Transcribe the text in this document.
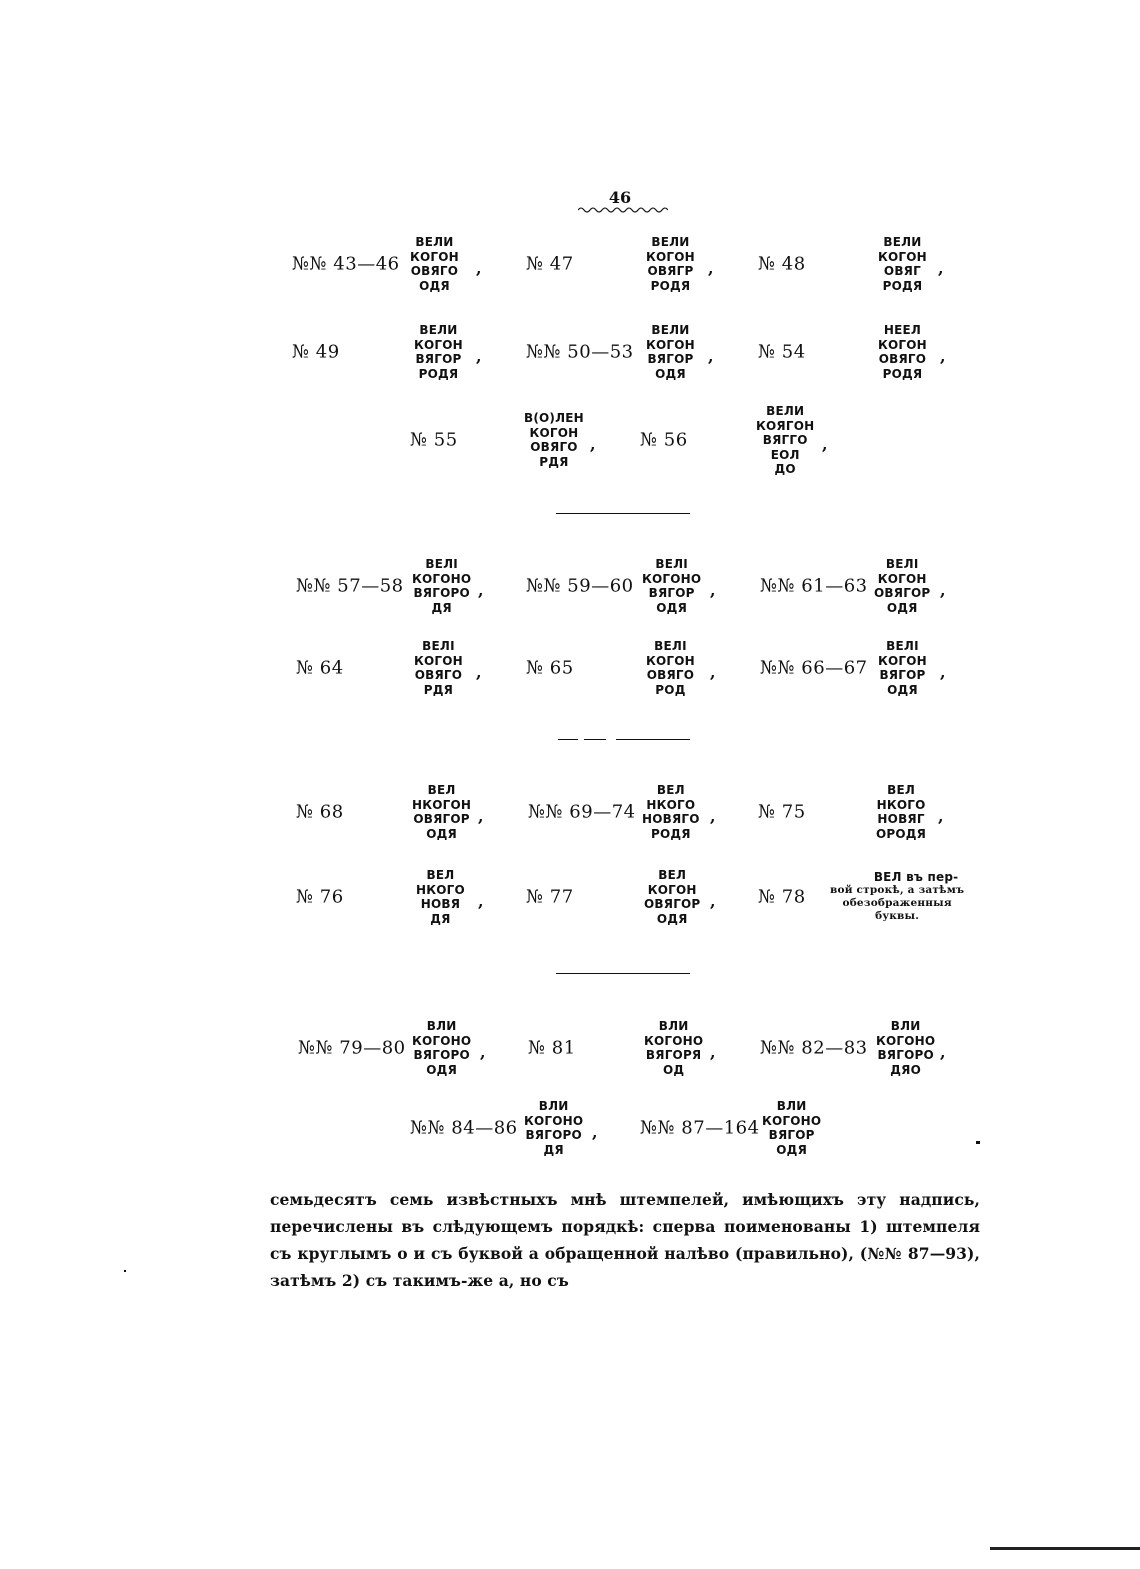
46
№№ 43—46
ВЕЛИ
КОГОН
ОВЯГО
ОДЯ
, № 47
ВЕЛИ
КОГОН
ОВЯГР
РОДЯ
, № 48
ВЕЛИ
КОГОН
ОВЯГ
РОДЯ
,
№ 49
ВЕЛИ
КОГОН
ВЯГОР
РОДЯ
, №№ 50—53
ВЕЛИ
КОГОН
ВЯГОР
ОДЯ
, № 54
НЕЕЛ
КОГОН
ОВЯГО
РОДЯ
,
№ 55
В(О)ЛЕН
КОГОН
ОВЯГО
РДЯ
, № 56
ВЕЛИ
КОЯГОН
ВЯГГО
ЕОЛ
ДО
,
№№ 57—58
ВЕЛI
КОГОНО
ВЯГОРО
ДЯ
, №№ 59—60
ВЕЛI
КОГОНО
ВЯГОР
ОДЯ
, №№ 61—63
ВЕЛI
КОГОН
ОВЯГОР
ОДЯ
,
№ 64
ВЕЛI
КОГОН
ОВЯГО
РДЯ
, № 65
ВЕЛI
КОГОН
ОВЯГО
РОД
, №№ 66—67
ВЕЛI
КОГОН
ВЯГОР
ОДЯ
,
№ 68
ВЕЛ
НКОГОН
ОВЯГОР
ОДЯ
, №№ 69—74
ВЕЛ
НКОГО
НОВЯГО
РОДЯ
, № 75
ВЕЛ
НКОГО
НОВЯГ
ОРОДЯ
,
№ 76
ВЕЛ
НКОГО
НОВЯ
ДЯ
, № 77
ВЕЛ
КОГОН
ОВЯГОР
ОДЯ
, № 78
ВЕЛ въ пер-
вой строкѣ, а затѣмъ
обезображенныя
буквы.
№№ 79—80
ВЛИ
КОГОНО
ВЯГОРО
ОДЯ
, № 81
ВЛИ
КОГОНО
ВЯГОРЯ
ОД
, №№ 82—83
ВЛИ
КОГОНО
ВЯГОРО
ДЯО
,
№№ 84—86
ВЛИ
КОГОНО
ВЯГОРО
ДЯ
, №№ 87—164
ВЛИ
КОГОНО
ВЯГОР
ОДЯ
семьдесятъ семь извѣстныхъ мнѣ штемпелей, имѣющихъ эту надпись, перечислены въ слѣдующемъ порядкѣ: сперва поименованы 1) штемпеля съ круглымъ о и съ буквой а обращенной налѣво (правильно), (№№ 87—93), затѣмъ 2) съ такимъ-же а, но съ
